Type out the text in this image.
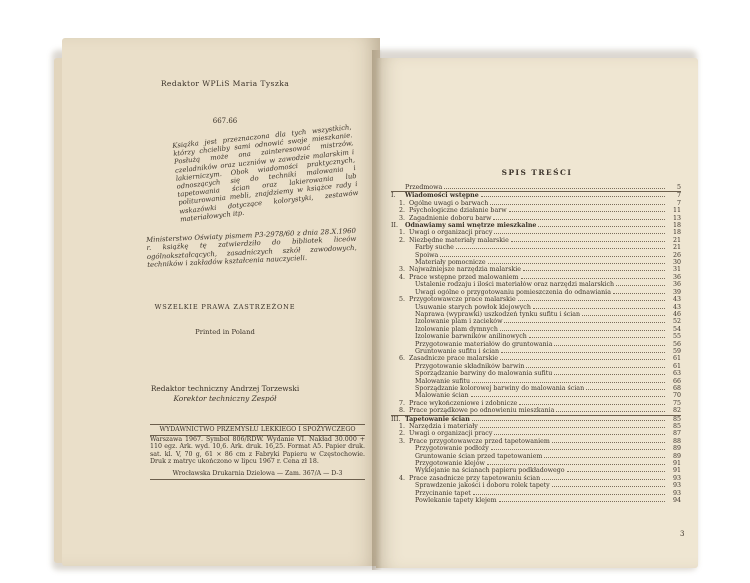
Redaktor WPLiS Maria Tyszka
667.66
Książka jest przeznaczona dla tych wszystkich, którzy chcieliby sami odnowić swoje mieszkanie. Posłużą może ona zainteresować mistrzów, czeladników oraz uczniów w zawodzie malarskim i lakierniczym. Obok wiadomości praktycznych, odnoszących się do techniki malowania i tapetowania ścian oraz lakierowania lub politurowania mebli, znajdziemy w książce rady i wskazówki dotyczące kolorystyki, zestawów materiałowych itp.
Ministerstwo Oświaty pismem P3-2978/60 z dnia 28.X.1960 r. książkę tę zatwierdziło do bibliotek liceów ogólnokształcących, zasadniczych szkół zawodowych, techników i zakładów kształcenia nauczycieli.
WSZELKIE PRAWA ZASTRZEŻONE
Printed in Poland
Redaktor techniczny Andrzej Torzewski
Korektor techniczny Zespół
WYDAWNICTWO PRZEMYSŁU LEKKIEGO I SPOŻYWCZEGO
Warszawa 1967. Symbol 806/RDW. Wydanie VI. Nakład 30.000 + 110 egz. Ark. wyd. 10,6. Ark. druk. 16,25. Format A5. Papier druk. sat. kl. V, 70 g, 61 × 86 cm z Fabryki Papieru w Częstochowie. Druk z matryc ukończono w lipcu 1967 r. Cena zł 18.
Wrocławska Drukarnia Dzielowa — Zam. 367/A — D-3
SPIS TREŚCI
Przedmowa	5
I.	Wiadomości wstępne	7
1. Ogólne uwagi o barwach	7
2. Psychologiczne działanie barw	11
3. Zagadnienie doboru barw	13
II.	Odnawiamy sami wnętrze mieszkalne	18
1. Uwagi o organizacji pracy	18
2. Niezbędne materiały malarskie	21
Farby suche	21
Spoiwa	26
Materiały pomocnicze	30
3. Najważniejsze narzędzia malarskie	31
4. Prace wstępne przed malowaniem	36
Ustalenie rodzaju i ilości materiałów oraz narzędzi malarskich	36
Uwagi ogólne o przygotowaniu pomieszczenia do odnawiania	39
5. Przygotowawcze prace malarskie	43
Usuwanie starych powłok klejowych	43
Naprawa (wyprawki) uszkodzeń tynku sufitu i ścian	46
Izolowanie plam i zacieków	52
Izolowanie plam dymnych	54
Izolowanie barwników anilinowych	55
Przygotowanie materiałów do gruntowania	56
Gruntowanie sufitu i ścian	59
6. Zasadnicze prace malarskie	61
Przygotowanie składników barwin	61
Sporządzanie barwiny do malowania sufitu	63
Malowanie sufitu	66
Sporządzanie kolorowej barwiny do malowania ścian	68
Malowanie ścian	70
7. Prace wykończeniowe i zdobnicze	75
8. Prace porządkowe po odnowieniu mieszkania	82
III. Tapetowanie ścian	85
1. Narzędzia i materiały	85
2. Uwagi o organizacji pracy	87
3. Prace przygotowawcze przed tapetowaniem	88
Przygotowanie podłoży	89
Gruntowanie ścian przed tapetowaniem	89
Przygotowanie klejów	91
Wyklejanie na ścianach papieru podkładowego	91
4. Prace zasadnicze przy tapetowaniu ścian	93
Sprawdzenie jakości i doboru rolek tapety	93
Przycinanie tapet	93
Powlekanie tapety klejem	94
3
